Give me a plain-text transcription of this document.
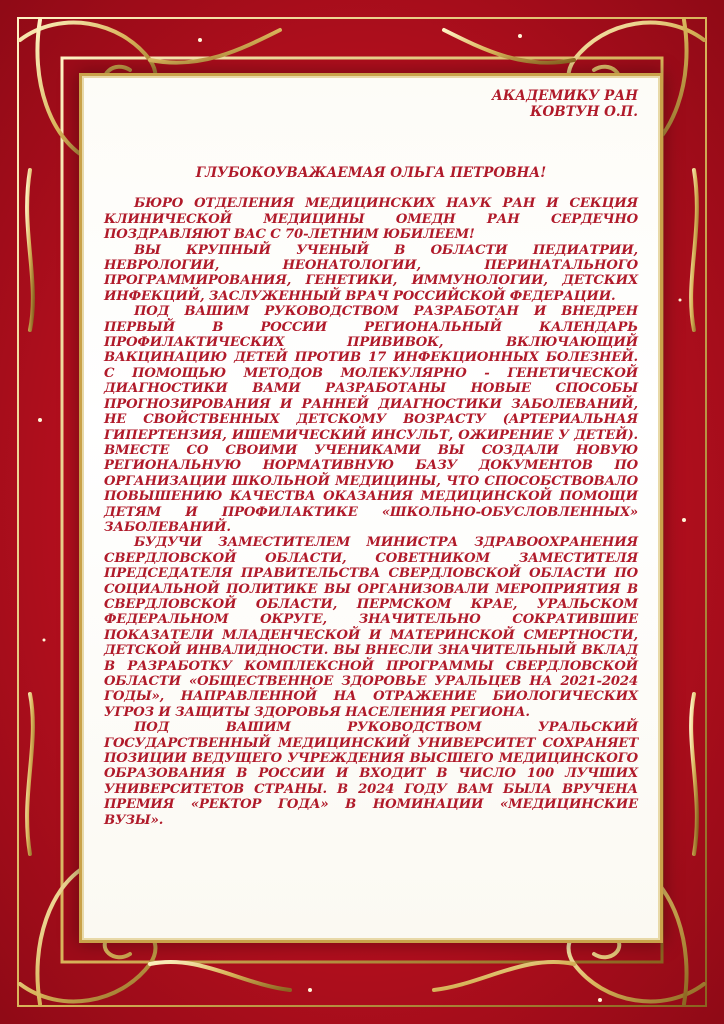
АКАДЕМИКУ РАН
КОВТУН О.П.
ГЛУБОКОУВАЖАЕМАЯ ОЛЬГА ПЕТРОВНА!

БЮРО ОТДЕЛЕНИЯ МЕДИЦИНСКИХ НАУК РАН И СЕКЦИЯ КЛИНИЧЕСКОЙ МЕДИЦИНЫ ОМЕДН РАН СЕРДЕЧНО ПОЗДРАВЛЯЮТ ВАС С 70-ЛЕТНИМ ЮБИЛЕЕМ!

ВЫ КРУПНЫЙ УЧЕНЫЙ В ОБЛАСТИ ПЕДИАТРИИ, НЕВРОЛОГИИ, НЕОНАТОЛОГИИ, ПЕРИНАТАЛЬНОГО ПРОГРАММИРОВАНИЯ, ГЕНЕТИКИ, ИММУНОЛОГИИ, ДЕТСКИХ ИНФЕКЦИЙ, ЗАСЛУЖЕННЫЙ ВРАЧ РОССИЙСКОЙ ФЕДЕРАЦИИ.

ПОД ВАШИМ РУКОВОДСТВОМ РАЗРАБОТАН И ВНЕДРЕН ПЕРВЫЙ В РОССИИ РЕГИОНАЛЬНЫЙ КАЛЕНДАРЬ ПРОФИЛАКТИЧЕСКИХ ПРИВИВОК, ВКЛЮЧАЮЩИЙ ВАКЦИНАЦИЮ ДЕТЕЙ ПРОТИВ 17 ИНФЕКЦИОННЫХ БОЛЕЗНЕЙ. С ПОМОЩЬЮ МЕТОДОВ МОЛЕКУЛЯРНО - ГЕНЕТИЧЕСКОЙ ДИАГНОСТИКИ ВАМИ РАЗРАБОТАНЫ НОВЫЕ СПОСОБЫ ПРОГНОЗИРОВАНИЯ И РАННЕЙ ДИАГНОСТИКИ ЗАБОЛЕВАНИЙ, НЕ СВОЙСТВЕННЫХ ДЕТСКОМУ ВОЗРАСТУ (АРТЕРИАЛЬНАЯ ГИПЕРТЕНЗИЯ, ИШЕМИЧЕСКИЙ ИНСУЛЬТ, ОЖИРЕНИЕ У ДЕТЕЙ). ВМЕСТЕ СО СВОИМИ УЧЕНИКАМИ ВЫ СОЗДАЛИ НОВУЮ РЕГИОНАЛЬНУЮ НОРМАТИВНУЮ БАЗУ ДОКУМЕНТОВ ПО ОРГАНИЗАЦИИ ШКОЛЬНОЙ МЕДИЦИНЫ, ЧТО СПОСОБСТВОВАЛО ПОВЫШЕНИЮ КАЧЕСТВА ОКАЗАНИЯ МЕДИЦИНСКОЙ ПОМОЩИ ДЕТЯМ И ПРОФИЛАКТИКЕ «ШКОЛЬНО-ОБУСЛОВЛЕННЫХ» ЗАБОЛЕВАНИЙ.

БУДУЧИ ЗАМЕСТИТЕЛЕМ МИНИСТРА ЗДРАВООХРАНЕНИЯ СВЕРДЛОВСКОЙ ОБЛАСТИ, СОВЕТНИКОМ ЗАМЕСТИТЕЛЯ ПРЕДСЕДАТЕЛЯ ПРАВИТЕЛЬСТВА СВЕРДЛОВСКОЙ ОБЛАСТИ ПО СОЦИАЛЬНОЙ ПОЛИТИКЕ ВЫ ОРГАНИЗОВАЛИ МЕРОПРИЯТИЯ В СВЕРДЛОВСКОЙ ОБЛАСТИ, ПЕРМСКОМ КРАЕ, УРАЛЬСКОМ ФЕДЕРАЛЬНОМ ОКРУГЕ, ЗНАЧИТЕЛЬНО СОКРАТИВШИЕ ПОКАЗАТЕЛИ МЛАДЕНЧЕСКОЙ И МАТЕРИНСКОЙ СМЕРТНОСТИ, ДЕТСКОЙ ИНВАЛИДНОСТИ. ВЫ ВНЕСЛИ ЗНАЧИТЕЛЬНЫЙ ВКЛАД В РАЗРАБОТКУ КОМПЛЕКСНОЙ ПРОГРАММЫ СВЕРДЛОВСКОЙ ОБЛАСТИ «ОБЩЕСТВЕННОЕ ЗДОРОВЬЕ УРАЛЬЦЕВ НА 2021-2024 ГОДЫ», НАПРАВЛЕННОЙ НА ОТРАЖЕНИЕ БИОЛОГИЧЕСКИХ УГРОЗ И ЗАЩИТЫ ЗДОРОВЬЯ НАСЕЛЕНИЯ РЕГИОНА.

ПОД ВАШИМ РУКОВОДСТВОМ УРАЛЬСКИЙ ГОСУДАРСТВЕННЫЙ МЕДИЦИНСКИЙ УНИВЕРСИТЕТ СОХРАНЯЕТ ПОЗИЦИИ ВЕДУЩЕГО УЧРЕЖДЕНИЯ ВЫСШЕГО МЕДИЦИНСКОГО ОБРАЗОВАНИЯ В РОССИИ И ВХОДИТ В ЧИСЛО 100 ЛУЧШИХ УНИВЕРСИТЕТОВ СТРАНЫ. В 2024 ГОДУ ВАМ БЫЛА ВРУЧЕНА ПРЕМИЯ «РЕКТОР ГОДА» В НОМИНАЦИИ «МЕДИЦИНСКИЕ ВУЗЫ».
